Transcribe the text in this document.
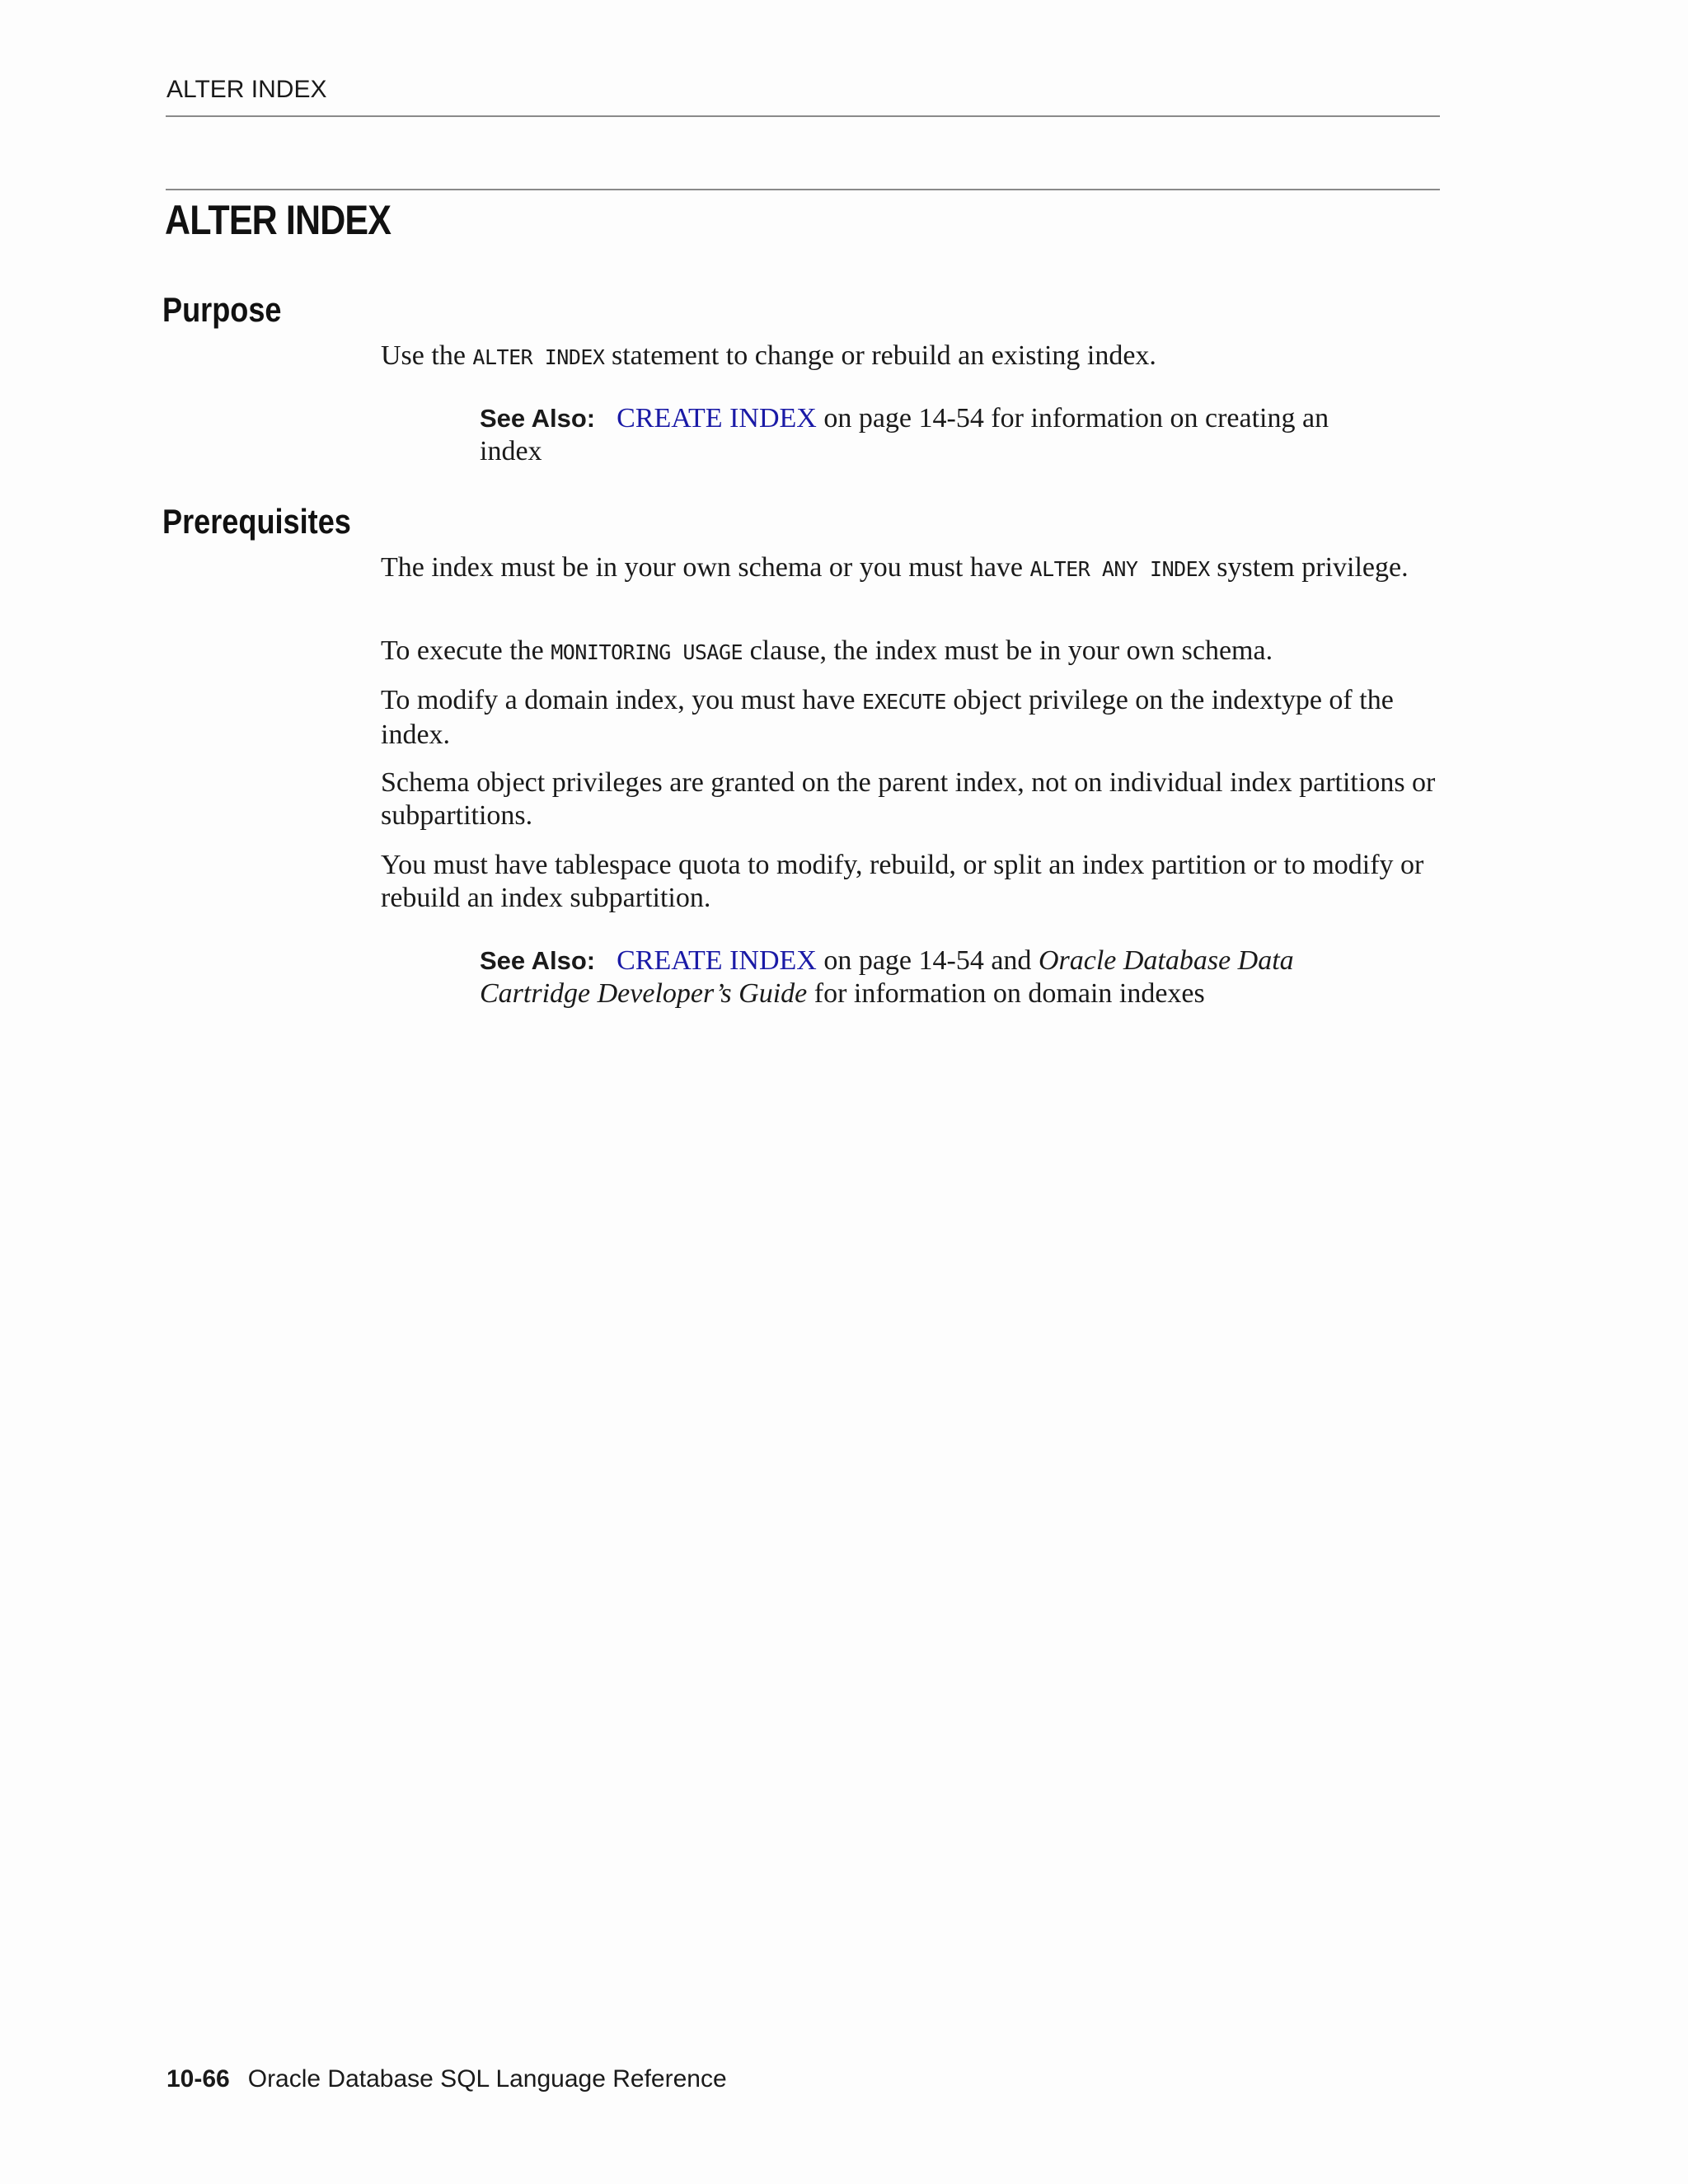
ALTER INDEX
ALTER INDEX
Purpose

Use the ALTER INDEX statement to change or rebuild an existing index.

See Also: CREATE INDEX on page 14-54 for information on creating an index

Prerequisites

The index must be in your own schema or you must have ALTER ANY INDEX system privilege.

To execute the MONITORING USAGE clause, the index must be in your own schema.

To modify a domain index, you must have EXECUTE object privilege on the indextype of the index.

Schema object privileges are granted on the parent index, not on individual index partitions or subpartitions.

You must have tablespace quota to modify, rebuild, or split an index partition or to modify or rebuild an index subpartition.

See Also: CREATE INDEX on page 14-54 and Oracle Database Data Cartridge Developer’s Guide for information on domain indexes

10-66 Oracle Database SQL Language Reference
